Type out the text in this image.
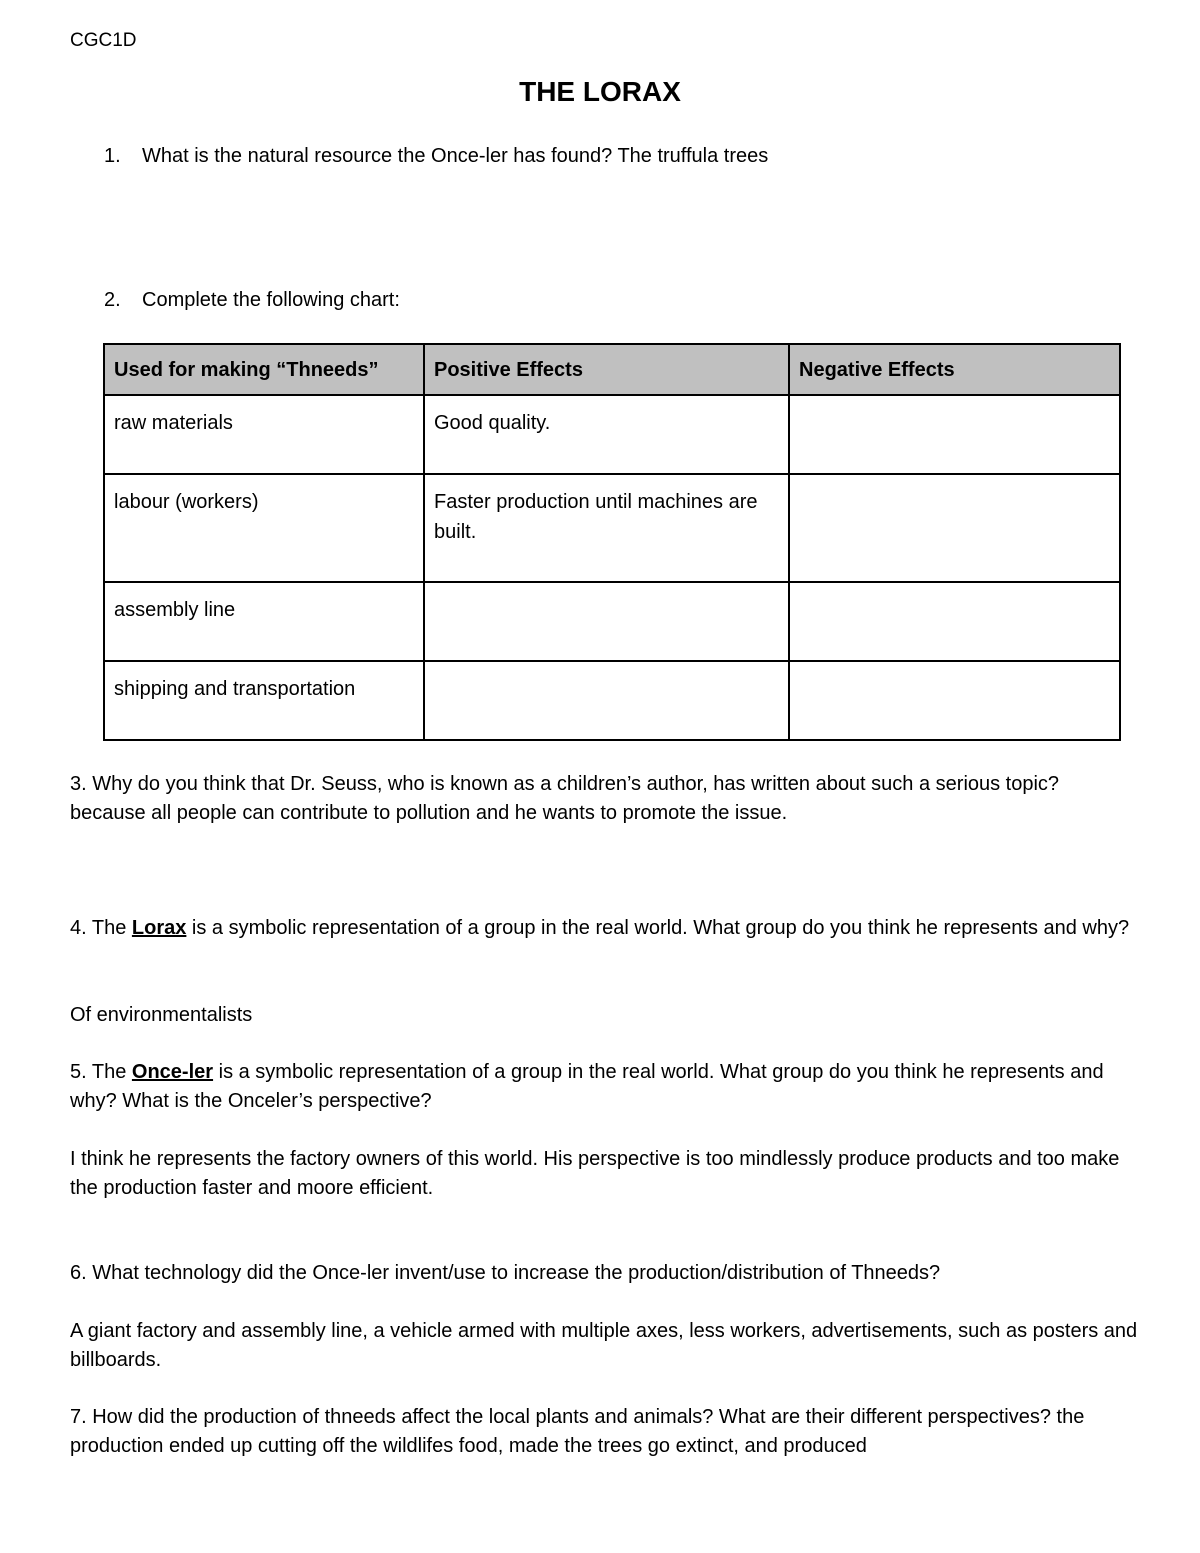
CGC1D
THE LORAX
1. What is the natural resource the Once-ler has found? The truffula trees
2. Complete the following chart:
Used for making “Thneeds”	Positive Effects	Negative Effects
raw materials	Good quality.	
labour (workers)	Faster production until machines are built.	
assembly line		
shipping and transportation		
3. Why do you think that Dr. Seuss, who is known as a children’s author, has written about such a serious topic?
because all people can contribute to pollution and he wants to promote the issue.
4. The Lorax is a symbolic representation of a group in the real world. What group do you think he represents and why?
Of environmentalists
5. The Once-ler is a symbolic representation of a group in the real world. What group do you think he represents and why? What is the Onceler’s perspective?
I think he represents the factory owners of this world. His perspective is too mindlessly produce products and too make the production faster and moore efficient.
6. What technology did the Once-ler invent/use to increase the production/distribution of Thneeds?
A giant factory and assembly line, a vehicle armed with multiple axes, less workers, advertisements, such as posters and billboards.
7. How did the production of thneeds affect the local plants and animals? What are their different perspectives? the production ended up cutting off the wildlifes food, made the trees go extinct, and produced
